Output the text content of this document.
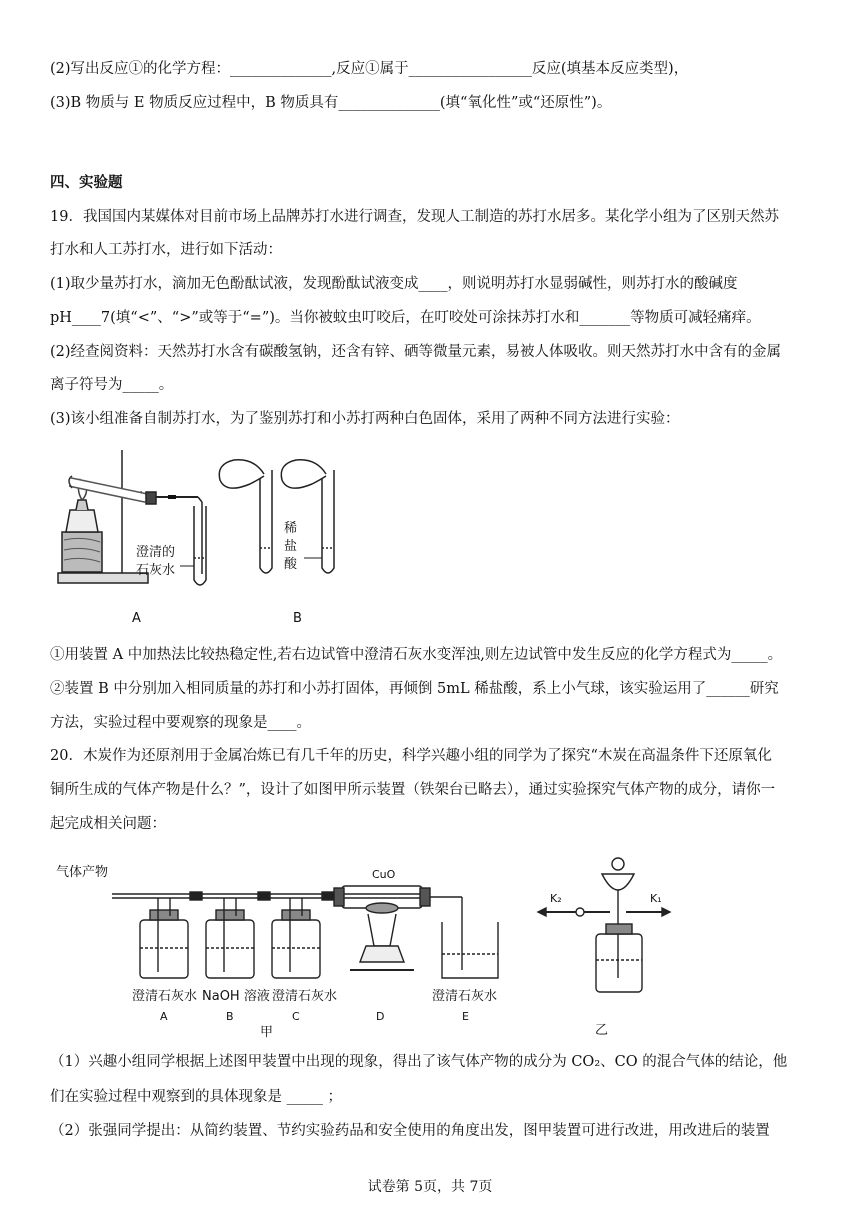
(2)写出反应①的化学方程：______________,反应①属于_________________反应(填基本反应类型)，
(3)B 物质与 E 物质反应过程中，B 物质具有______________(填“氧化性”或“还原性”)。
四、实验题
19．我国国内某媒体对目前市场上品牌苏打水进行调查，发现人工制造的苏打水居多。某化学小组为了区别天然苏
打水和人工苏打水，进行如下活动：
(1)取少量苏打水，滴加无色酚酞试液，发现酚酞试液变成____，则说明苏打水显弱碱性，则苏打水的酸碱度
pH____7(填“<”、“>”或等于“=”)。当你被蚊虫叮咬后，在叮咬处可涂抹苏打水和_______等物质可减轻痛痒。
(2)经查阅资料：天然苏打水含有碳酸氢钠，还含有锌、硒等微量元素，易被人体吸收。则天然苏打水中含有的金属
离子符号为_____。
(3)该小组准备自制苏打水，为了鉴别苏打和小苏打两种白色固体，采用了两种不同方法进行实验：
澄清的
石灰水
稀
盐
酸
A	B
①用装置 A 中加热法比较热稳定性,若右边试管中澄清石灰水变浑浊,则左边试管中发生反应的化学方程式为_____。
②装置 B 中分别加入相同质量的苏打和小苏打固体，再倾倒 5mL 稀盐酸，系上小气球，该实验运用了______研究
方法，实验过程中要观察的现象是____。
20．木炭作为还原剂用于金属冶炼已有几千年的历史，科学兴趣小组的同学为了探究“木炭在高温条件下还原氧化
铜所生成的气体产物是什么？”，设计了如图甲所示装置（铁架台已略去），通过实验探究气体产物的成分，请你一
起完成相关问题：
气体产物	CuO
澄清石灰水 NaOH 溶液 澄清石灰水	澄清石灰水
A	B	C	D	E
甲	乙
K₂	K₁
（1）兴趣小组同学根据上述图甲装置中出现的现象，得出了该气体产物的成分为 CO₂、CO 的混合气体的结论，他
们在实验过程中观察到的具体现象是 _____ ；
（2）张强同学提出：从简约装置、节约实验药品和安全使用的角度出发，图甲装置可进行改进，用改进后的装置
试卷第 5页，共 7页
